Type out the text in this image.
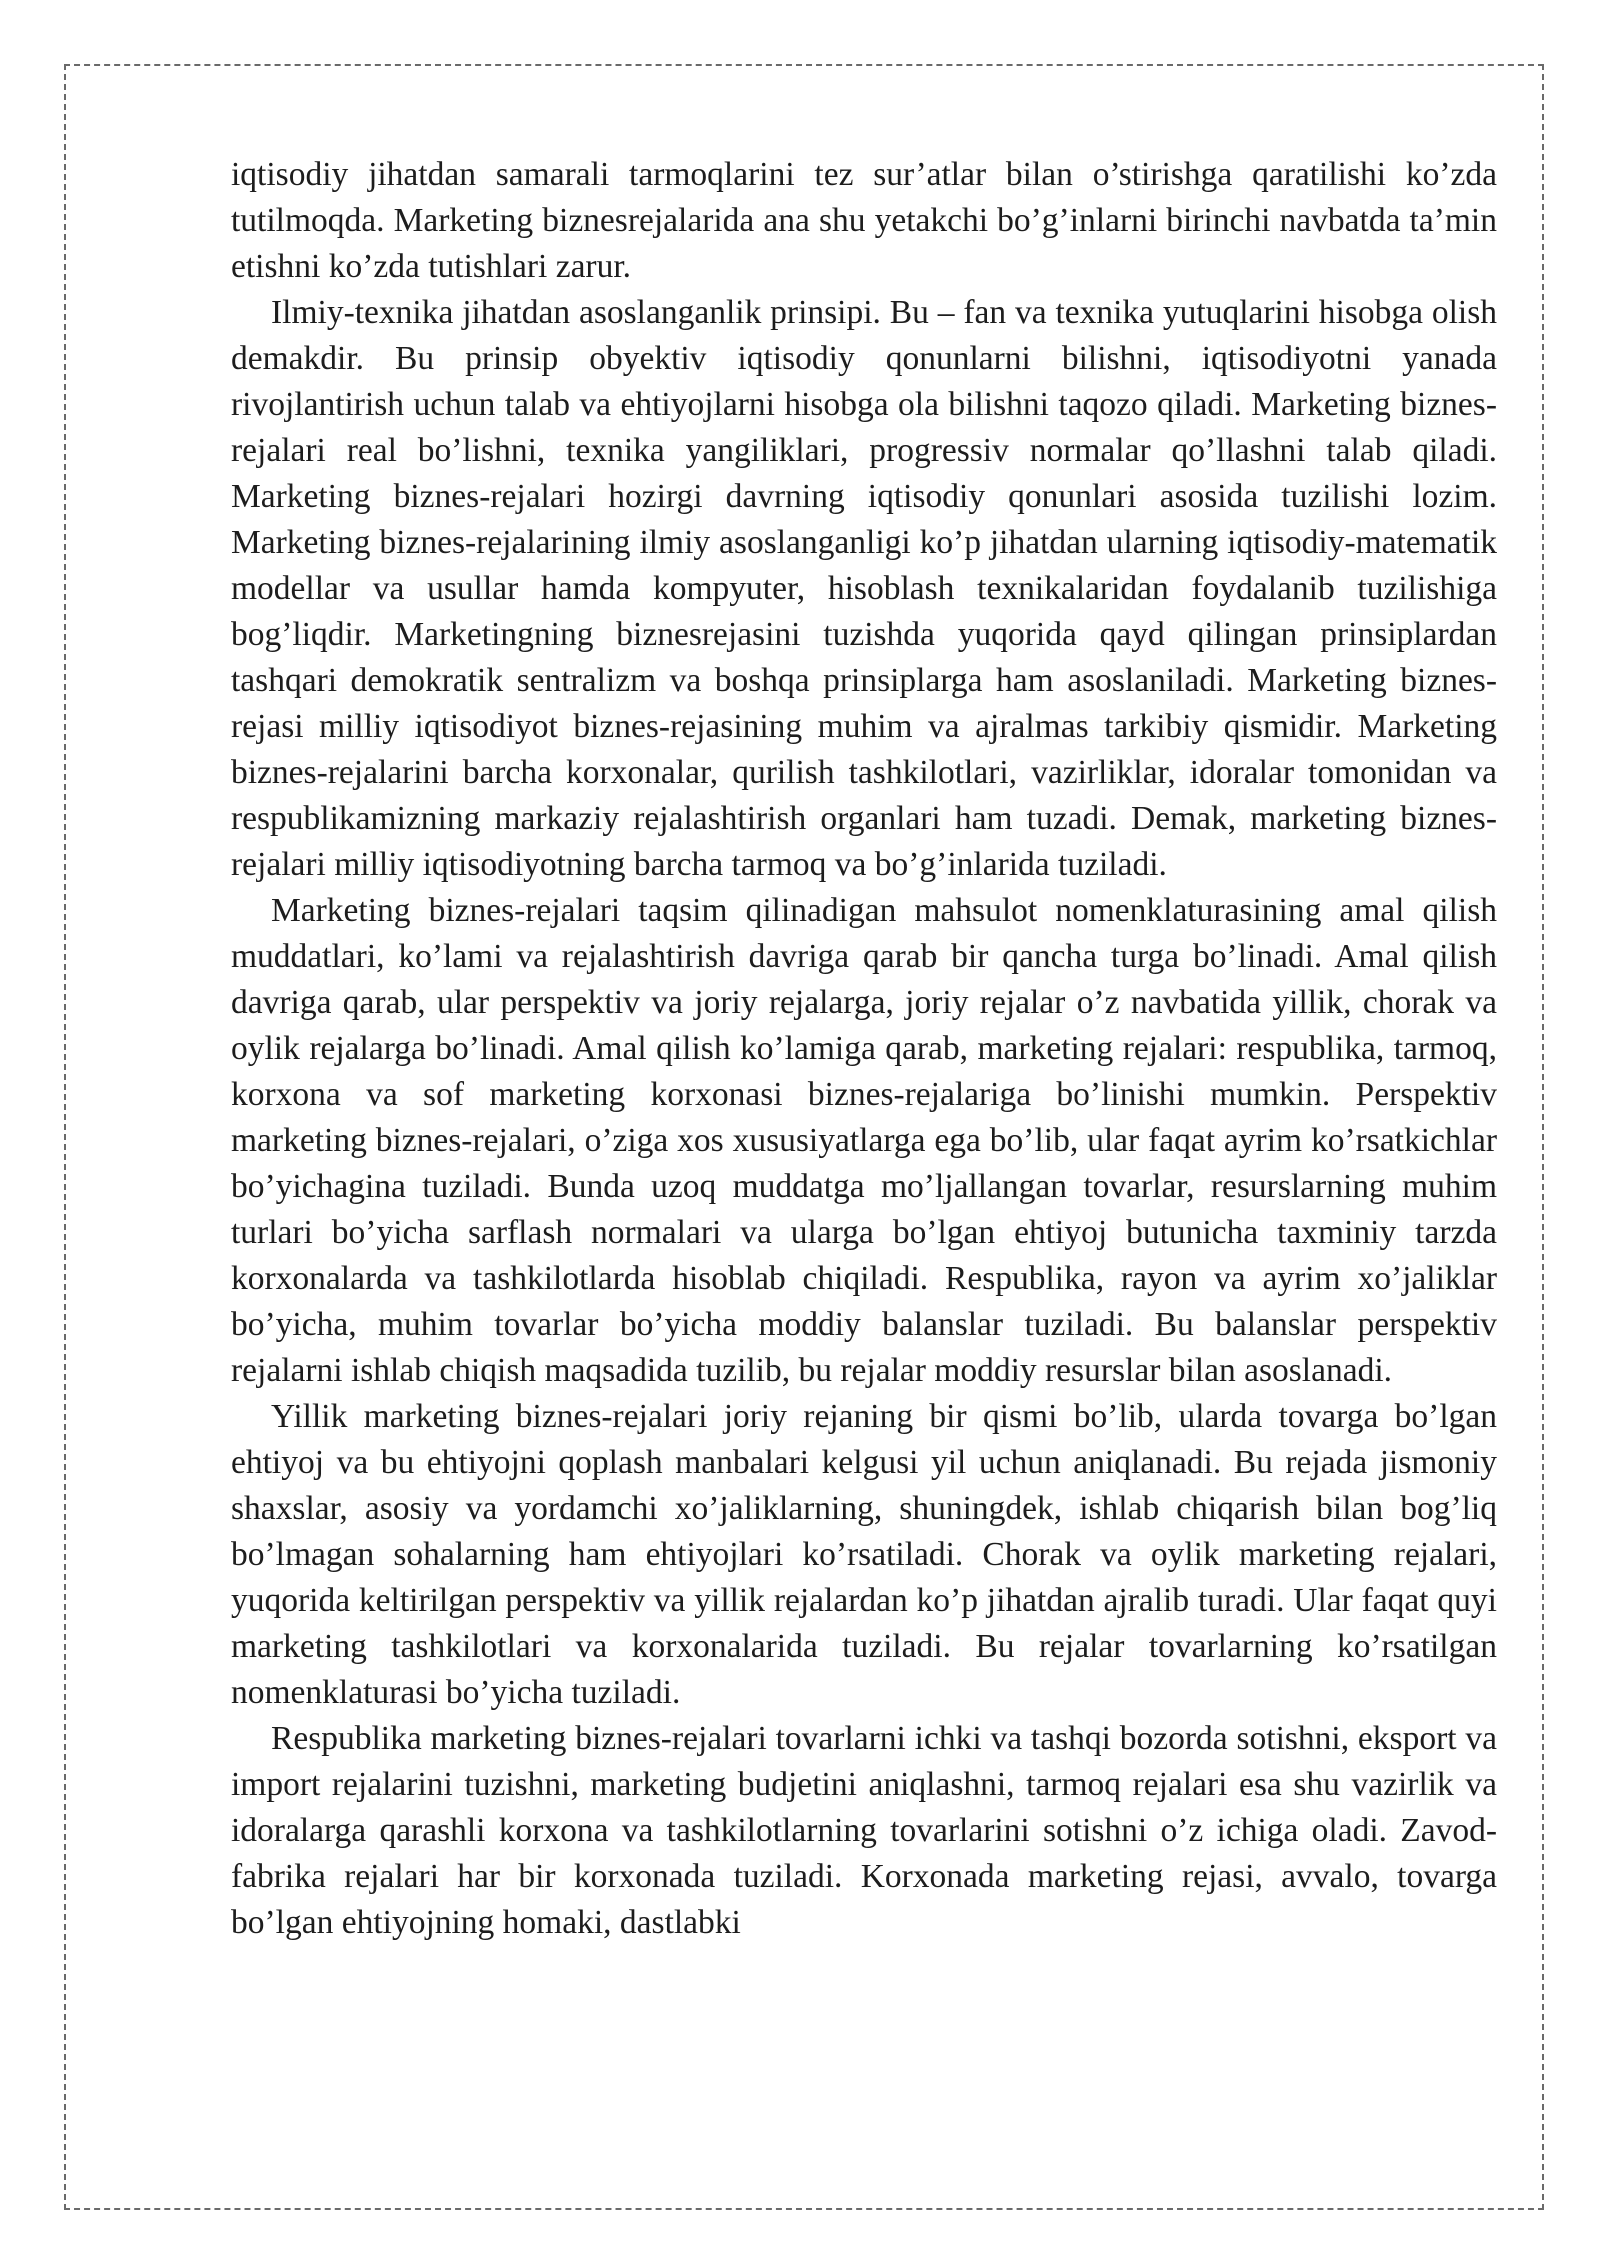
iqtisodiy jihatdan samarali tarmoqlarini tez sur’atlar bilan o’stirishga qaratilishi ko’zda tutilmoqda. Marketing biznesrejalarida ana shu yetakchi bo’g’inlarni birinchi navbatda ta’min etishni ko’zda tutishlari zarur.

Ilmiy-texnika jihatdan asoslanganlik prinsipi. Bu – fan va texnika yutuqlarini hisobga olish demakdir. Bu prinsip obyektiv iqtisodiy qonunlarni bilishni, iqtisodiyotni yanada rivojlantirish uchun talab va ehtiyojlarni hisobga ola bilishni taqozo qiladi. Marketing biznes-rejalari real bo’lishni, texnika yangiliklari, progressiv normalar qo’llashni talab qiladi. Marketing biznes-rejalari hozirgi davrning iqtisodiy qonunlari asosida tuzilishi lozim. Marketing biznes-rejalarining ilmiy asoslanganligi ko’p jihatdan ularning iqtisodiy-matematik modellar va usullar hamda kompyuter, hisoblash texnikalaridan foydalanib tuzilishiga bog’liqdir. Marketingning biznesrejasini tuzishda yuqorida qayd qilingan prinsiplardan tashqari demokratik sentralizm va boshqa prinsiplarga ham asoslaniladi. Marketing biznes-rejasi milliy iqtisodiyot biznes-rejasining muhim va ajralmas tarkibiy qismidir. Marketing biznes-rejalarini barcha korxonalar, qurilish tashkilotlari, vazirliklar, idoralar tomonidan va respublikamizning markaziy rejalashtirish organlari ham tuzadi. Demak, marketing biznes-rejalari milliy iqtisodiyotning barcha tarmoq va bo’g’inlarida tuziladi.

Marketing biznes-rejalari taqsim qilinadigan mahsulot nomenklaturasining amal qilish muddatlari, ko’lami va rejalashtirish davriga qarab bir qancha turga bo’linadi. Amal qilish davriga qarab, ular perspektiv va joriy rejalarga, joriy rejalar o’z navbatida yillik, chorak va oylik rejalarga bo’linadi. Amal qilish ko’lamiga qarab, marketing rejalari: respublika, tarmoq, korxona va sof marketing korxonasi biznes-rejalariga bo’linishi mumkin. Perspektiv marketing biznes-rejalari, o’ziga xos xususiyatlarga ega bo’lib, ular faqat ayrim ko’rsatkichlar bo’yichagina tuziladi. Bunda uzoq muddatga mo’ljallangan tovarlar, resurslarning muhim turlari bo’yicha sarflash normalari va ularga bo’lgan ehtiyoj butunicha taxminiy tarzda korxonalarda va tashkilotlarda hisoblab chiqiladi. Respublika, rayon va ayrim xo’jaliklar bo’yicha, muhim tovarlar bo’yicha moddiy balanslar tuziladi. Bu balanslar perspektiv rejalarni ishlab chiqish maqsadida tuzilib, bu rejalar moddiy resurslar bilan asoslanadi.

Yillik marketing biznes-rejalari joriy rejaning bir qismi bo’lib, ularda tovarga bo’lgan ehtiyoj va bu ehtiyojni qoplash manbalari kelgusi yil uchun aniqlanadi. Bu rejada jismoniy shaxslar, asosiy va yordamchi xo’jaliklarning, shuningdek, ishlab chiqarish bilan bog’liq bo’lmagan sohalarning ham ehtiyojlari ko’rsatiladi. Chorak va oylik marketing rejalari, yuqorida keltirilgan perspektiv va yillik rejalardan ko’p jihatdan ajralib turadi. Ular faqat quyi marketing tashkilotlari va korxonalarida tuziladi. Bu rejalar tovarlarning ko’rsatilgan nomenklaturasi bo’yicha tuziladi.

Respublika marketing biznes-rejalari tovarlarni ichki va tashqi bozorda sotishni, eksport va import rejalarini tuzishni, marketing budjetini aniqlashni, tarmoq rejalari esa shu vazirlik va idoralarga qarashli korxona va tashkilotlarning tovarlarini sotishni o’z ichiga oladi. Zavod-fabrika rejalari har bir korxonada tuziladi. Korxonada marketing rejasi, avvalo, tovarga bo’lgan ehtiyojning homaki, dastlabki
